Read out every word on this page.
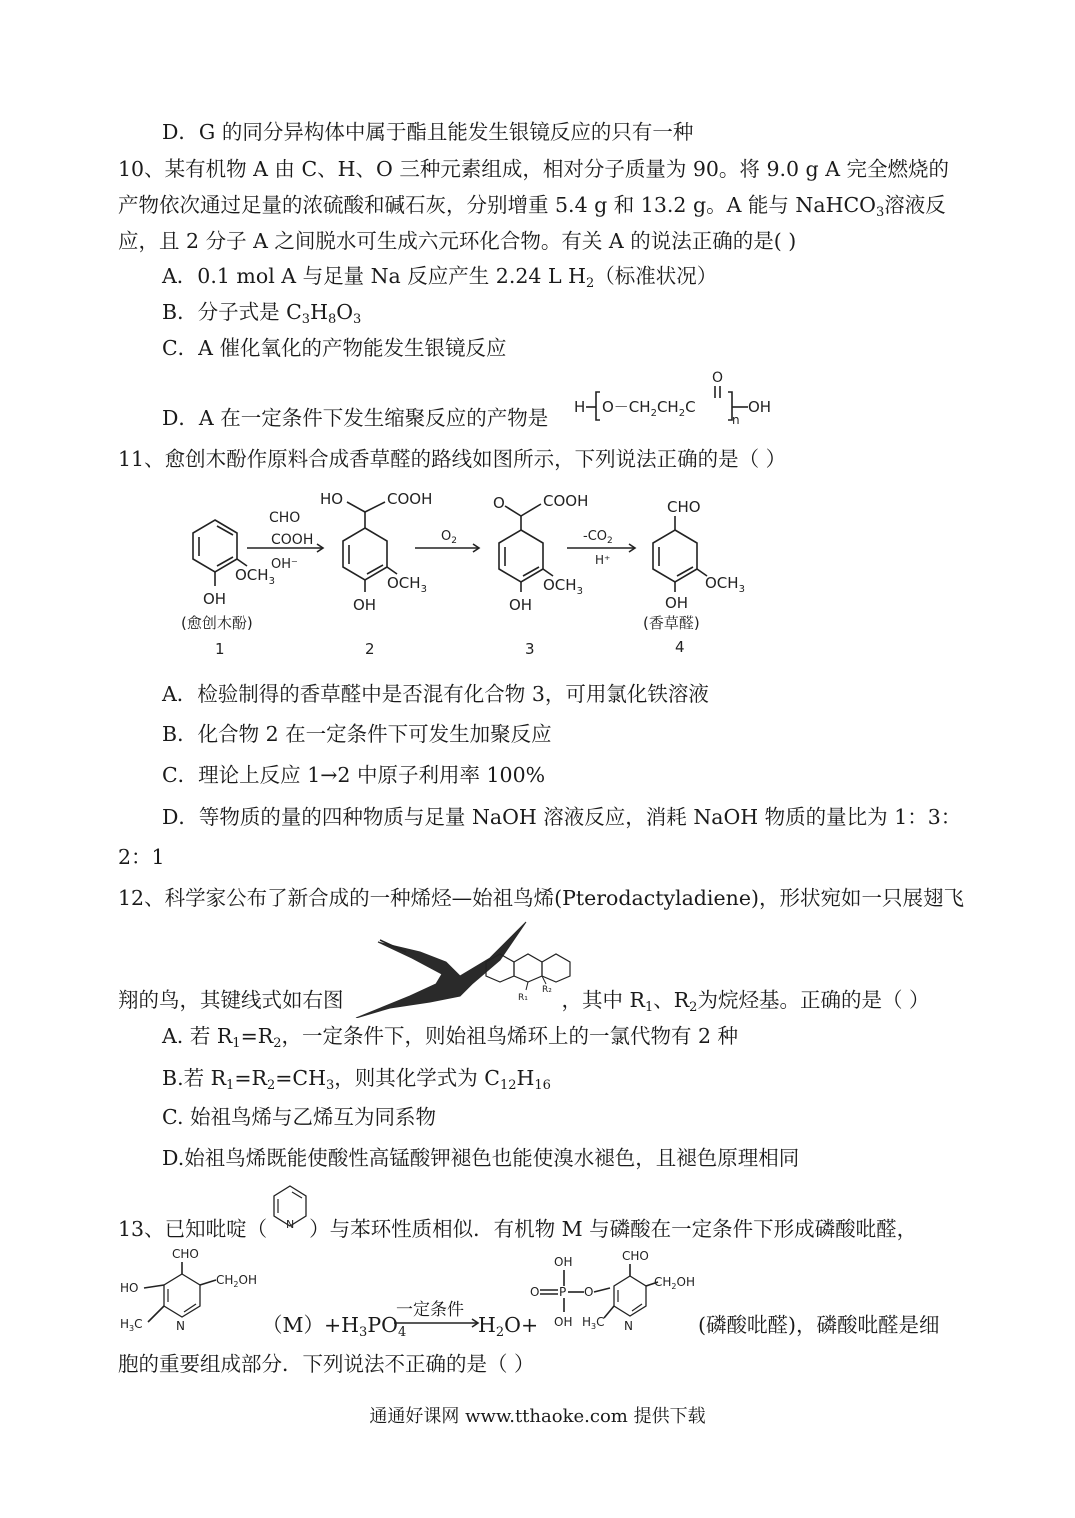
D．G 的同分异构体中属于酯且能发生银镜反应的只有一种
10、某有机物 A 由 C、H、O 三种元素组成，相对分子质量为 90。将 9.0 g A 完全燃烧的
产物依次通过足量的浓硫酸和碱石灰，分别增重 5.4 g 和 13.2 g。A 能与 NaHCO$_3$溶液反
应，且 2 分子 A 之间脱水可生成六元环化合物。有关 A 的说法正确的是( )
A．0.1 mol A 与足量 Na 反应产生 2.24 L $H_2$（标准状况）
B．分子式是 $C_3H_8O_3$
C．A 催化氧化的产物能发生银镜反应
D．A 在一定条件下发生缩聚反应的产物是 H $O-CH_2CH_2C$
O
n
OH
11、愈创木酚作原料合成香草醛的路线如图所示，下列说法正确的是（ ）
$OCH_3$
OH
(愈创木酚)
1
CHO
COOH
OH⁻
HO	COOH
$OCH_3$
OH
2
$O_2$
O	COOH
$OCH_3$
OH
3
$-CO_2$
H⁺
CHO
$OCH_3$
OH
(香草醛)
4
A．检验制得的香草醛中是否混有化合物 3，可用氯化铁溶液
B．化合物 2 在一定条件下可发生加聚反应
C．理论上反应 1→2 中原子利用率 100%
D．等物质的量的四种物质与足量 NaOH 溶液反应，消耗 NaOH 物质的量比为 1：3：
2：1
12、科学家公布了新合成的一种烯烃—始祖鸟烯(Pterodactyladiene)，形状宛如一只展翅飞
R₁
R₂
翔的鸟，其键线式如右图	，其中 $R_1$、$R_2$为烷烃基。正确的是（ ）
A. 若 $R_1=R_2$，一定条件下，则始祖鸟烯环上的一氯代物有 2 种
B.若 $R_1=R_2=CH_3$，则其化学式为 $C_{12}H_{16}$
C. 始祖鸟烯与乙烯互为同系物
D.始祖鸟烯既能使酸性高锰酸钾褪色也能使溴水褪色，且褪色原理相同
13、已知吡啶（ ）与苯环性质相似．有机物 M 与磷酸在一定条件下形成磷酸吡醛，
N
CHO
HO
$CH_2OH$
$H_3C$	N	$(M)+H_3PO_4$
一定条件
$H_2O+$
OH
O P O
OH
CHO
$CH_2OH$
$H_3C$ N	(磷酸吡醛)，磷酸吡醛是细
胞的重要组成部分．下列说法不正确的是（ ）
通通好课网 www.tthaoke.com 提供下载
